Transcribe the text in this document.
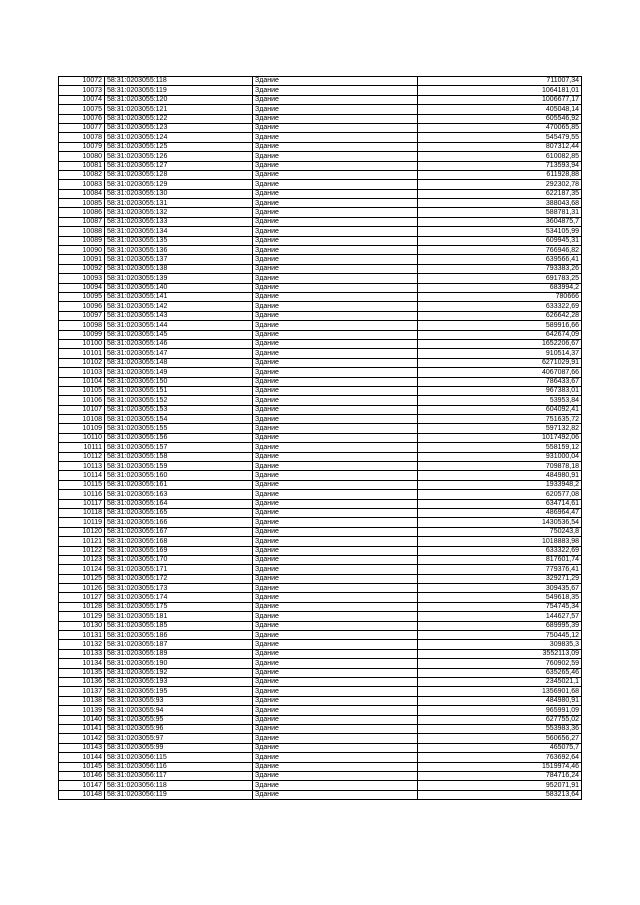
10072	58:31:0203055:118	Здание	711007,34
10073	58:31:0203055:119	Здание	1064181,01
10074	58:31:0203055:120	Здание	1006677,17
10075	58:31:0203055:121	Здание	405048,14
10076	58:31:0203055:122	Здание	605546,92
10077	58:31:0203055:123	Здание	470065,85
10078	58:31:0203055:124	Здание	545479,55
10079	58:31:0203055:125	Здание	807312,44
10080	58:31:0203055:126	Здание	610082,85
10081	58:31:0203055:127	Здание	713593,94
10082	58:31:0203055:128	Здание	611928,88
10083	58:31:0203055:129	Здание	292302,78
10084	58:31:0203055:130	Здание	622187,35
10085	58:31:0203055:131	Здание	388043,68
10086	58:31:0203055:132	Здание	588781,31
10087	58:31:0203055:133	Здание	3604875,7
10088	58:31:0203055:134	Здание	534105,99
10089	58:31:0203055:135	Здание	609945,31
10090	58:31:0203055:136	Здание	766946,82
10091	58:31:0203055:137	Здание	639566,41
10092	58:31:0203055:138	Здание	793383,26
10093	58:31:0203055:139	Здание	691783,25
10094	58:31:0203055:140	Здание	683994,2
10095	58:31:0203055:141	Здание	780666
10096	58:31:0203055:142	Здание	633322,69
10097	58:31:0203055:143	Здание	626642,28
10098	58:31:0203055:144	Здание	589916,66
10099	58:31:0203055:145	Здание	642674,09
10100	58:31:0203055:146	Здание	1652206,67
10101	58:31:0203055:147	Здание	910514,37
10102	58:31:0203055:148	Здание	6271029,91
10103	58:31:0203055:149	Здание	4067087,66
10104	58:31:0203055:150	Здание	786433,67
10105	58:31:0203055:151	Здание	967383,01
10106	58:31:0203055:152	Здание	53953,84
10107	58:31:0203055:153	Здание	604092,41
10108	58:31:0203055:154	Здание	751635,72
10109	58:31:0203055:155	Здание	597132,82
10110	58:31:0203055:156	Здание	1017492,06
10111	58:31:0203055:157	Здание	558159,12
10112	58:31:0203055:158	Здание	931000,04
10113	58:31:0203055:159	Здание	709878,18
10114	58:31:0203055:160	Здание	484980,91
10115	58:31:0203055:161	Здание	1933948,2
10116	58:31:0203055:163	Здание	620577,08
10117	58:31:0203055:164	Здание	634714,61
10118	58:31:0203055:165	Здание	486964,47
10119	58:31:0203055:166	Здание	1430536,54
10120	58:31:0203055:167	Здание	750243,8
10121	58:31:0203055:168	Здание	1018883,98
10122	58:31:0203055:169	Здание	633322,69
10123	58:31:0203055:170	Здание	817601,74
10124	58:31:0203055:171	Здание	779376,41
10125	58:31:0203055:172	Здание	329271,29
10126	58:31:0203055:173	Здание	309435,67
10127	58:31:0203055:174	Здание	549618,35
10128	58:31:0203055:175	Здание	754745,34
10129	58:31:0203055:181	Здание	144627,57
10130	58:31:0203055:185	Здание	689995,39
10131	58:31:0203055:186	Здание	750445,12
10132	58:31:0203055:187	Здание	309835,3
10133	58:31:0203055:189	Здание	3552113,09
10134	58:31:0203055:190	Здание	760902,59
10135	58:31:0203055:192	Здание	635265,46
10136	58:31:0203055:193	Здание	2345021,1
10137	58:31:0203055:195	Здание	1356901,68
10138	58:31:0203055:93	Здание	484980,91
10139	58:31:0203055:94	Здание	965991,09
10140	58:31:0203055:95	Здание	627755,02
10141	58:31:0203055:96	Здание	553983,36
10142	58:31:0203055:97	Здание	560656,27
10143	58:31:0203055:99	Здание	465075,7
10144	58:31:0203056:115	Здание	763692,64
10145	58:31:0203056:116	Здание	1519974,46
10146	58:31:0203056:117	Здание	784716,24
10147	58:31:0203056:118	Здание	952071,91
10148	58:31:0203056:119	Здание	583213,64
